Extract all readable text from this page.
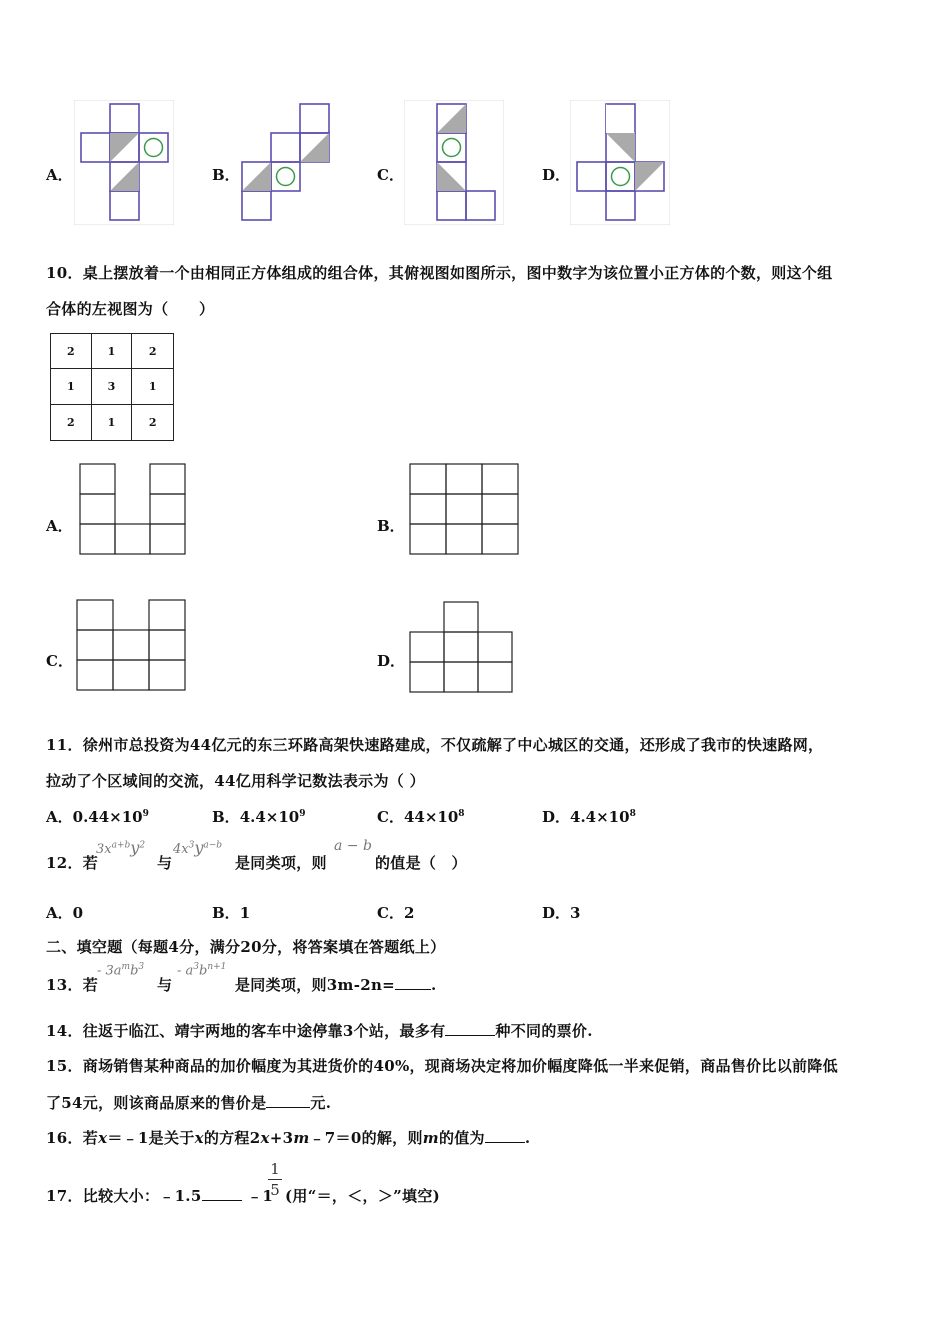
A．	B．	C．	D．
10．桌上摆放着一个由相同正方体组成的组合体，其俯视图如图所示，图中数字为该位置小正方体的个数，则这个组
合体的左视图为（　　）
2	1	2
1	3	1
2	1	2
A．	B．
C．	D．
11．徐州市总投资为44亿元的东三环路高架快速路建成，不仅疏解了中心城区的交通，还形成了我市的快速路网，
拉动了个区域间的交流，44亿用科学记数法表示为（ ）
A．$0.44\times 10^9$	B．$4.4\times 10^9$	C．$44\times 10^8$	D．$4.4\times 10^8$
12．若
$3x^{a+b}y^2$
与
$4x^3y^{a-b}$
是同类项，则
a − b
的值是（　）
A．0	B．1	C．2	D．3
二、填空题（每题4分，满分20分，将答案填在答题纸上）
13．若
- $3a^mb^3$
与
- $a^3b^{n+1}$
是同类项，则3m-2n= .
14．往返于临江、靖宇两地的客车中途停靠3个站，最多有	种不同的票价.
15．商场销售某种商品的加价幅度为其进货价的40%，现商场决定将加价幅度降低一半来促销，商品售价比以前降低
了54元，则该商品原来的售价是	元.
16．若x＝﹣1是关于x的方程2x+3m﹣7＝0的解，则m的值为	.
17．比较大小：﹣1.5	﹣1
1
5 (用“＝，＜，＞”填空)
